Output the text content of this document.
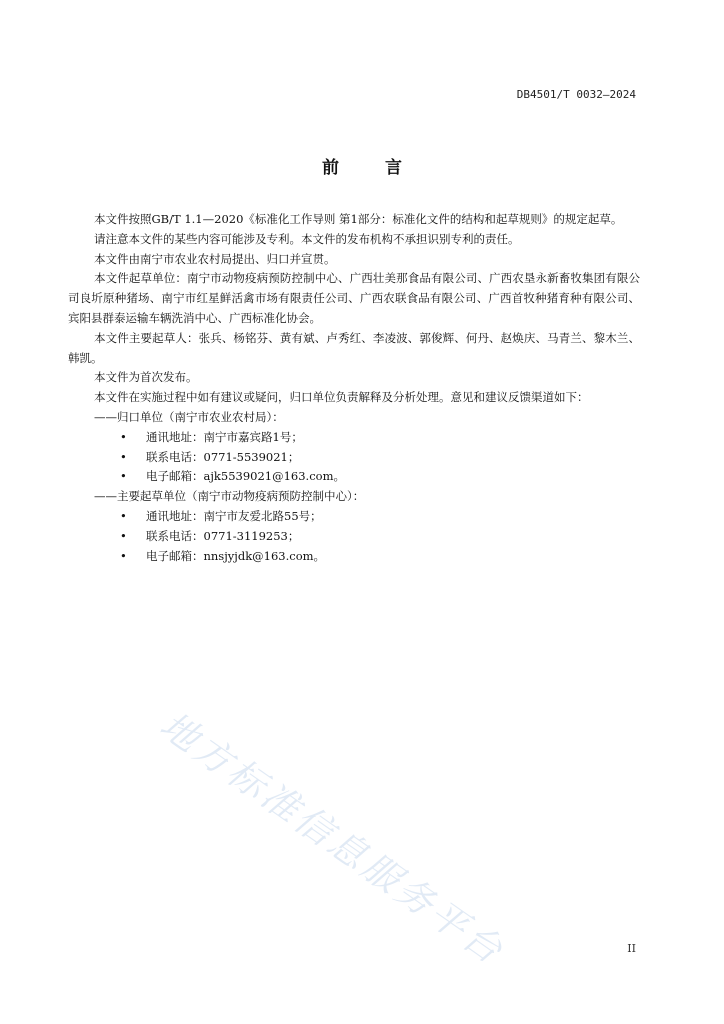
DB4501/T 0032—2024
前	言

本文件按照GB/T 1.1—2020《标准化工作导则 第1部分：标准化文件的结构和起草规则》的规定起草。

请注意本文件的某些内容可能涉及专利。本文件的发布机构不承担识别专利的责任。

本文件由南宁市农业农村局提出、归口并宣贯。

本文件起草单位：南宁市动物疫病预防控制中心、广西壮美那食品有限公司、广西农垦永新畜牧集团有限公司良圻原种猪场、南宁市红星鲜活禽市场有限责任公司、广西农联食品有限公司、广西首牧种猪育种有限公司、宾阳县群泰运输车辆洗消中心、广西标准化协会。

本文件主要起草人：张兵、杨铭芬、黄有斌、卢秀红、李凌波、郭俊辉、何丹、赵焕庆、马青兰、黎木兰、韩凯。

本文件为首次发布。

本文件在实施过程中如有建议或疑问，归口单位负责解释及分析处理。意见和建议反馈渠道如下：

——归口单位（南宁市农业农村局）：
• 通讯地址：南宁市嘉宾路1号；
• 联系电话：0771-5539021；
• 电子邮箱：ajk5539021@163.com。
——主要起草单位（南宁市动物疫病预防控制中心）：
• 通讯地址：南宁市友爱北路55号；
• 联系电话：0771-3119253；
• 电子邮箱：nnsjyjdk@163.com。
地方标准信息服务平台	II
